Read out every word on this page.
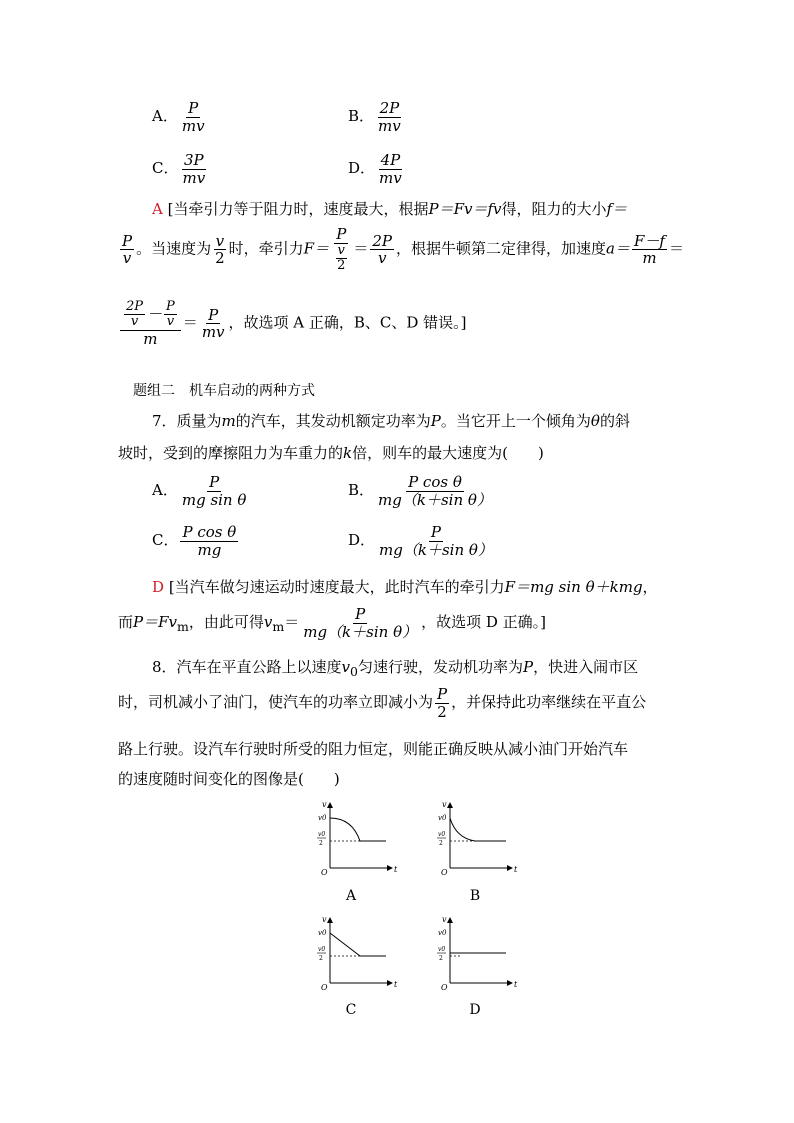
A． $\frac{P}{mv}$	B． $\frac{2P}{mv}$
C． $\frac{3P}{mv}$	D． $\frac{4P}{mv}$
A [当牵引力等于阻力时，速度最大，根据P＝Fv＝fv得，阻力的大小f＝
$\frac{P}{v}$ 。当速度为 $\frac{v}{2}$ 时，牵引力$F= \frac{P}{\frac{v}{2}} = \frac{2P}{v}$ ，根据牛顿第二定律得，加速度$a= \frac{F-f}{m}$ ＝
$\frac{\frac{2P}{v} - \frac{P}{v}}{m} = \frac{P}{mv}$ ，故选项 A 正确，B、C、D 错误。]
题组二　机车启动的两种方式
7．质量为m的汽车，其发动机额定功率为P。当它开上一个倾角为θ的斜
坡时，受到的摩擦阻力为车重力的k倍，则车的最大速度为(　　)
A． $\frac{P}{\text{mg sin θ}}$	B． $\frac{\text{P cos θ}}{\text{mg（k＋sin θ）}}$
C． $\frac{\text{P cos θ}}{mg}$	D． $\frac{P}{\text{mg（k＋sin θ）}}$
D [当汽车做匀速运动时速度最大，此时汽车的牵引力F＝mg sin θ＋kmg，
而$P=Fv_m$，由此可得$v_m= \frac{P}{\text{mg（k＋sin θ）}}$ ，故选项 D 正确。]
8．汽车在平直公路上以速度$v_0$匀速行驶，发动机功率为P，快进入闹市区
时，司机减小了油门，使汽车的功率立即减小为 $\frac{P}{2}$ ，并保持此功率继续在平直公
路上行驶。设汽车行驶时所受的阻力恒定，则能正确反映从减小油门开始汽车
的速度随时间变化的图像是(　　)
v
t
O
v0
v0
2
v
t
O
v0
v0
2
v
t
O
v0
v0
2
v
t
O
v0
v0
2
A	B
C	D
